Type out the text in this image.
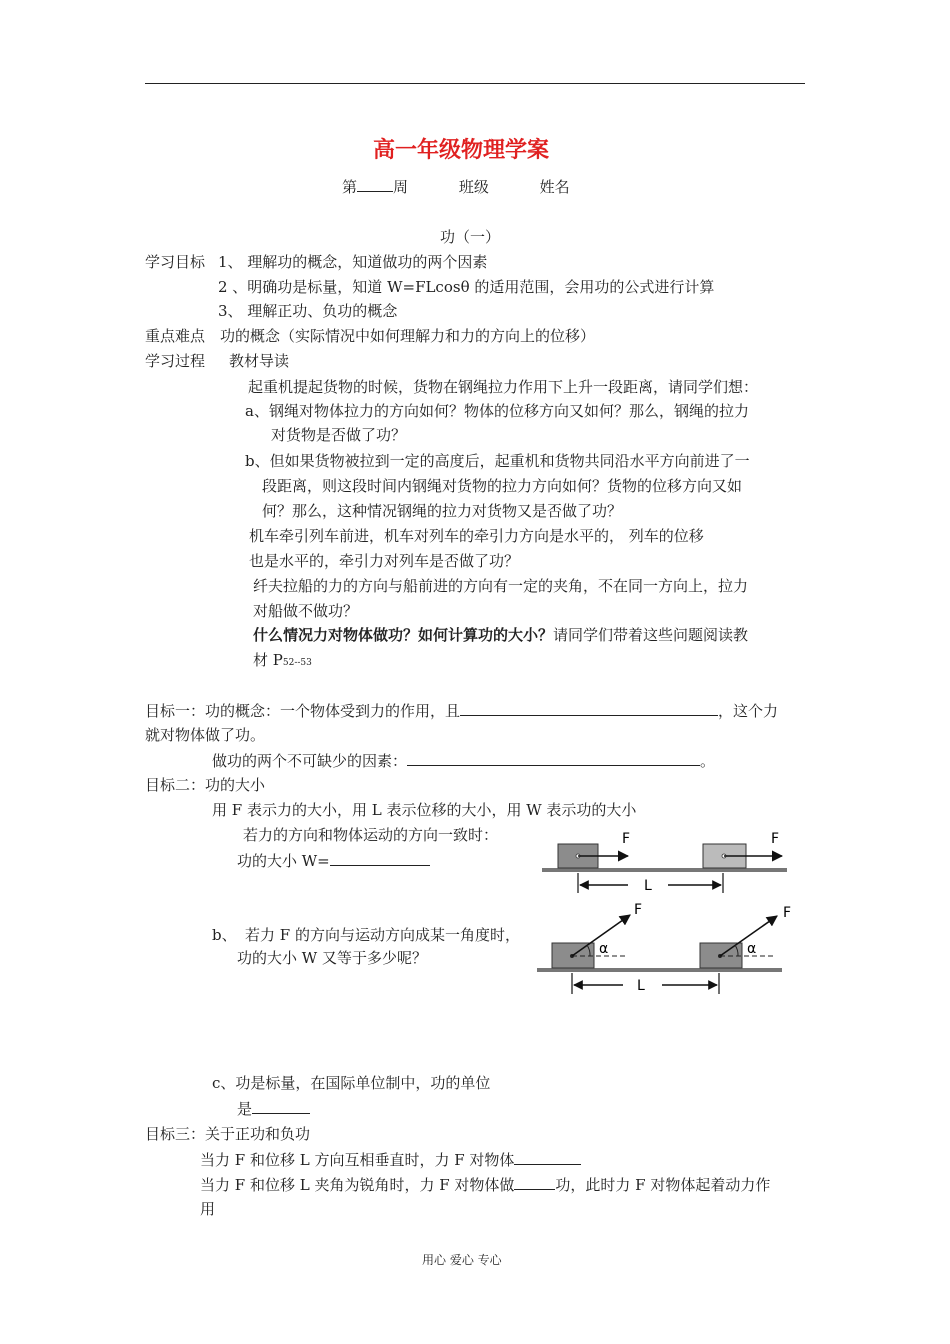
高一年级物理学案
第 周	班级	姓名
功（一）
学习目标 1、 理解功的概念，知道做功的两个因素
2 、明确功是标量，知道 W=FLcosθ 的适用范围，会用功的公式进行计算
3、 理解正功、负功的概念
重点难点 功的概念（实际情况中如何理解力和力的方向上的位移）
学习过程 教材导读
起重机提起货物的时候，货物在钢绳拉力作用下上升一段距离，请同学们想：
a、钢绳对物体拉力的方向如何？物体的位移方向又如何？那么，钢绳的拉力
对货物是否做了功？
b、但如果货物被拉到一定的高度后，起重机和货物共同沿水平方向前进了一
段距离，则这段时间内钢绳对货物的拉力方向如何？货物的位移方向又如
何？那么，这种情况钢绳的拉力对货物又是否做了功？
机车牵引列车前进，机车对列车的牵引力方向是水平的， 列车的位移
也是水平的，牵引力对列车是否做了功？
纤夫拉船的力的方向与船前进的方向有一定的夹角，不在同一方向上，拉力
对船做不做功？
什么情况力对物体做功？如何计算功的大小？请同学们带着这些问题阅读教
材 P52--53
目标一：功的概念：一个物体受到力的作用，且	，这个力
就对物体做了功。
做功的两个不可缺少的因素：	。
目标二：功的大小
用 F 表示力的大小，用 L 表示位移的大小，用 W 表示功的大小
若力的方向和物体运动的方向一致时：
功的大小 W=
F	F
L
b、 若力 F 的方向与运动方向成某一角度时，
功的大小 W 又等于多少呢？	α
F
α
F
L
c、功是标量，在国际单位制中，功的单位
是
目标三：关于正功和负功
当力 F 和位移 L 方向互相垂直时，力 F 对物体
当力 F 和位移 L 夹角为锐角时，力 F 对物体做	功，此时力 F 对物体起着动力作
用
用心 爱心 专心
